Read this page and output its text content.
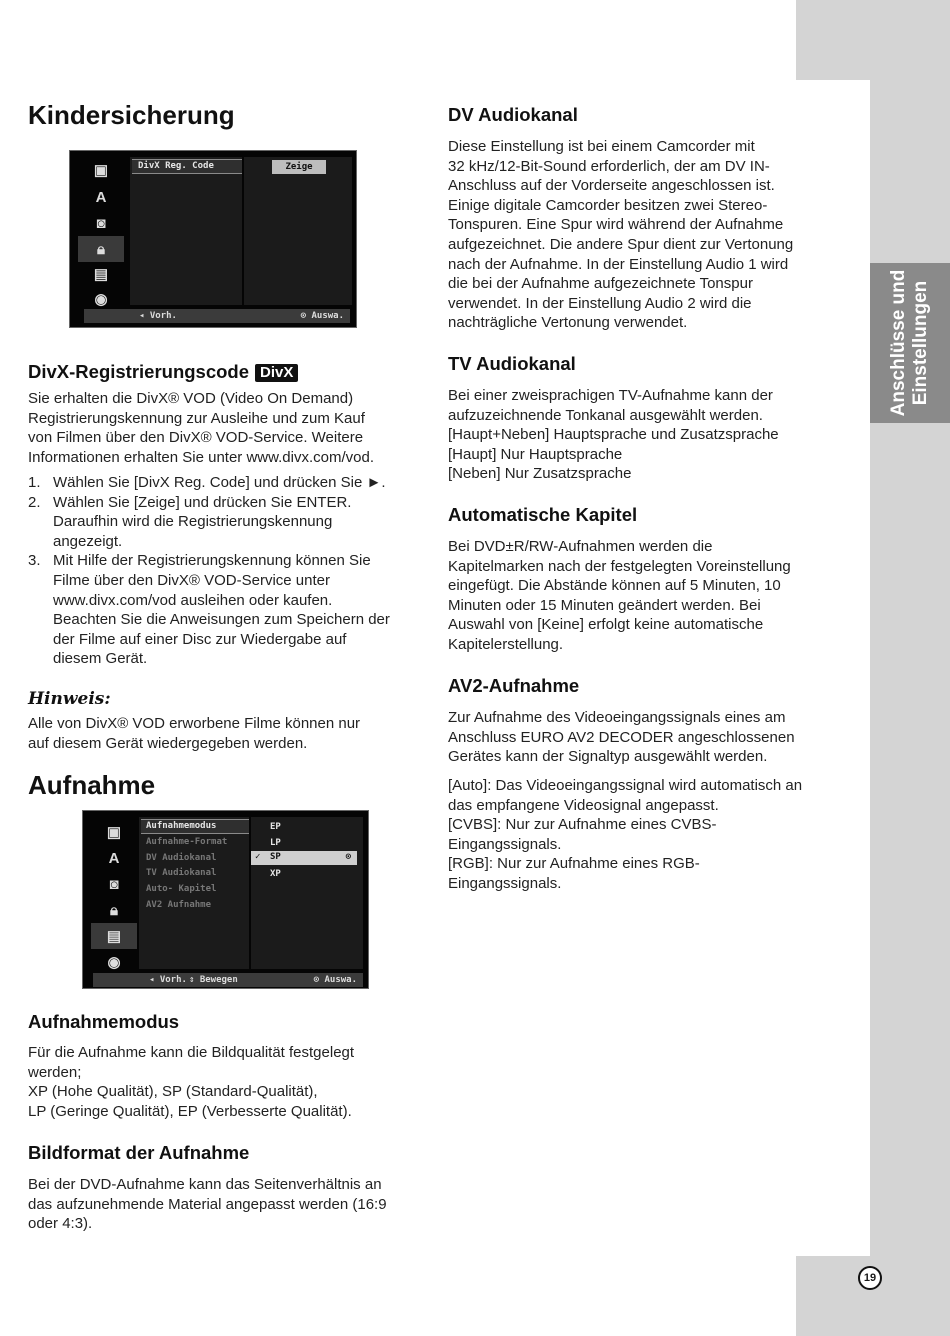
Anschlüsse und Einstellungen
19
Kindersicherung
▣
A
◙
🔒︎
▤
◉
DivX Reg. Code	Zeige
◂ Vorh.	⊙ Auswa.
DivX-Registrierungscode DivX
Sie erhalten die DivX® VOD (Video On Demand)
Registrierungskennung zur Ausleihe und zum Kauf
von Filmen über den DivX® VOD-Service. Weitere
Informationen erhalten Sie unter www.divx.com/vod.
1. Wählen Sie [DivX Reg. Code] und drücken Sie ►.
2. Wählen Sie [Zeige] und drücken Sie ENTER.
Daraufhin wird die Registrierungskennung
angezeigt.
3. Mit Hilfe der Registrierungskennung können Sie
Filme über den DivX® VOD-Service unter
www.divx.com/vod ausleihen oder kaufen.
Beachten Sie die Anweisungen zum Speichern der
der Filme auf einer Disc zur Wiedergabe auf
diesem Gerät.
Hinweis:
Alle von DivX® VOD erworbene Filme können nur
auf diesem Gerät wiedergegeben werden.
Aufnahme
▣
A
◙
🔒︎
▤
◉
Aufnahmemodus
Aufnahme-Format
DV Audiokanal
TV Audiokanal
Auto- Kapitel
AV2 Aufnahme
EP
LP
✓ SP	⊙
XP
◂ Vorh. ⇕ Bewegen	⊙ Auswa.
Aufnahmemodus
Für die Aufnahme kann die Bildqualität festgelegt
werden;
XP (Hohe Qualität), SP (Standard-Qualität),
LP (Geringe Qualität), EP (Verbesserte Qualität).
Bildformat der Aufnahme
Bei der DVD-Aufnahme kann das Seitenverhältnis an
das aufzunehmende Material angepasst werden (16:9
oder 4:3).
DV Audiokanal
Diese Einstellung ist bei einem Camcorder mit
32 kHz/12-Bit-Sound erforderlich, der am DV IN-
Anschluss auf der Vorderseite angeschlossen ist.
Einige digitale Camcorder besitzen zwei Stereo-
Tonspuren. Eine Spur wird während der Aufnahme
aufgezeichnet. Die andere Spur dient zur Vertonung
nach der Aufnahme. In der Einstellung Audio 1 wird
die bei der Aufnahme aufgezeichnete Tonspur
verwendet. In der Einstellung Audio 2 wird die
nachträgliche Vertonung verwendet.
TV Audiokanal
Bei einer zweisprachigen TV-Aufnahme kann der
aufzuzeichnende Tonkanal ausgewählt werden.
[Haupt+Neben] Hauptsprache und Zusatzsprache
[Haupt] Nur Hauptsprache
[Neben] Nur Zusatzsprache
Automatische Kapitel
Bei DVD±R/RW-Aufnahmen werden die
Kapitelmarken nach der festgelegten Voreinstellung
eingefügt. Die Abstände können auf 5 Minuten, 10
Minuten oder 15 Minuten geändert werden. Bei
Auswahl von [Keine] erfolgt keine automatische
Kapitelerstellung.
AV2-Aufnahme
Zur Aufnahme des Videoeingangssignals eines am
Anschluss EURO AV2 DECODER angeschlossenen
Gerätes kann der Signaltyp ausgewählt werden.
[Auto]: Das Videoeingangssignal wird automatisch an
das empfangene Videosignal angepasst.
[CVBS]: Nur zur Aufnahme eines CVBS-
Eingangssignals.
[RGB]: Nur zur Aufnahme eines RGB-
Eingangssignals.
